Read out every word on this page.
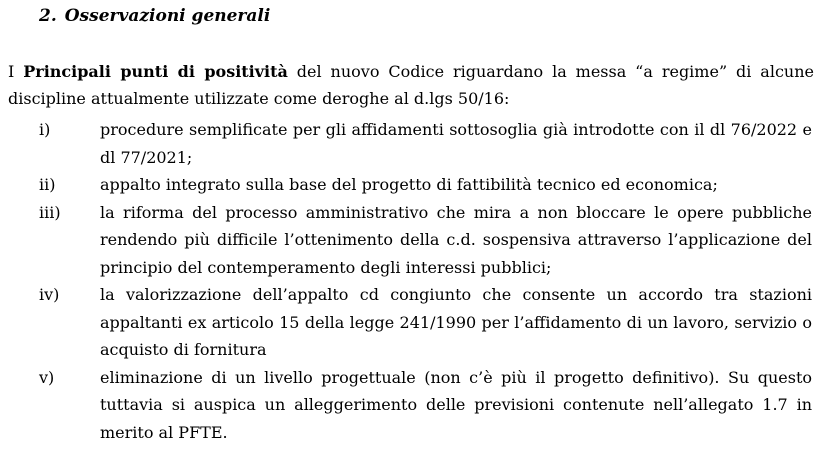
2. Osservazioni generali

I Principali punti di positività del nuovo Codice riguardano la messa “a regime” di alcune discipline attualmente utilizzate come deroghe al d.lgs 50/16:

i)	procedure semplificate per gli affidamenti sottosoglia già introdotte con il dl 76/2022 e dl 77/2021;
ii)	appalto integrato sulla base del progetto di fattibilità tecnico ed economica;
iii)	la riforma del processo amministrativo che mira a non bloccare le opere pubbliche rendendo più difficile l’ottenimento della c.d. sospensiva attraverso l’applicazione del principio del contemperamento degli interessi pubblici;
iv)	la valorizzazione dell’appalto cd congiunto che consente un accordo tra stazioni appaltanti ex articolo 15 della legge 241/1990 per l’affidamento di un lavoro, servizio o acquisto di fornitura
v)	eliminazione di un livello progettuale (non c’è più il progetto definitivo). Su questo tuttavia si auspica un alleggerimento delle previsioni contenute nell’allegato 1.7 in merito al PFTE.
